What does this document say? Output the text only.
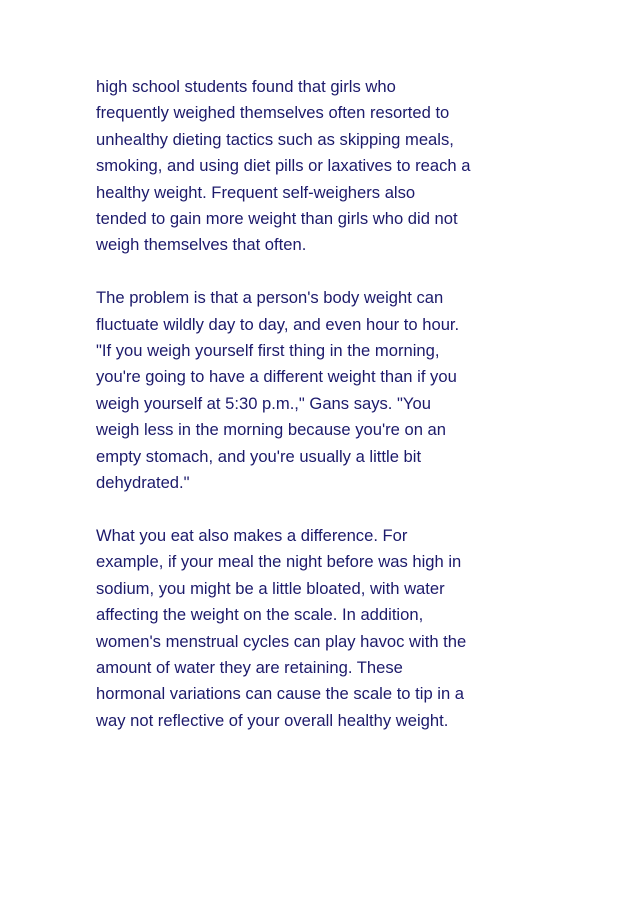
high school students found that girls who
frequently weighed themselves often resorted to
unhealthy dieting tactics such as skipping meals,
smoking, and using diet pills or laxatives to reach a
healthy weight. Frequent self-weighers also
tended to gain more weight than girls who did not
weigh themselves that often.

The problem is that a person's body weight can
fluctuate wildly day to day, and even hour to hour.
"If you weigh yourself first thing in the morning,
you're going to have a different weight than if you
weigh yourself at 5:30 p.m.," Gans says. "You
weigh less in the morning because you're on an
empty stomach, and you're usually a little bit
dehydrated."

What you eat also makes a difference. For
example, if your meal the night before was high in
sodium, you might be a little bloated, with water
affecting the weight on the scale. In addition,
women's menstrual cycles can play havoc with the
amount of water they are retaining. These
hormonal variations can cause the scale to tip in a
way not reflective of your overall healthy weight.
